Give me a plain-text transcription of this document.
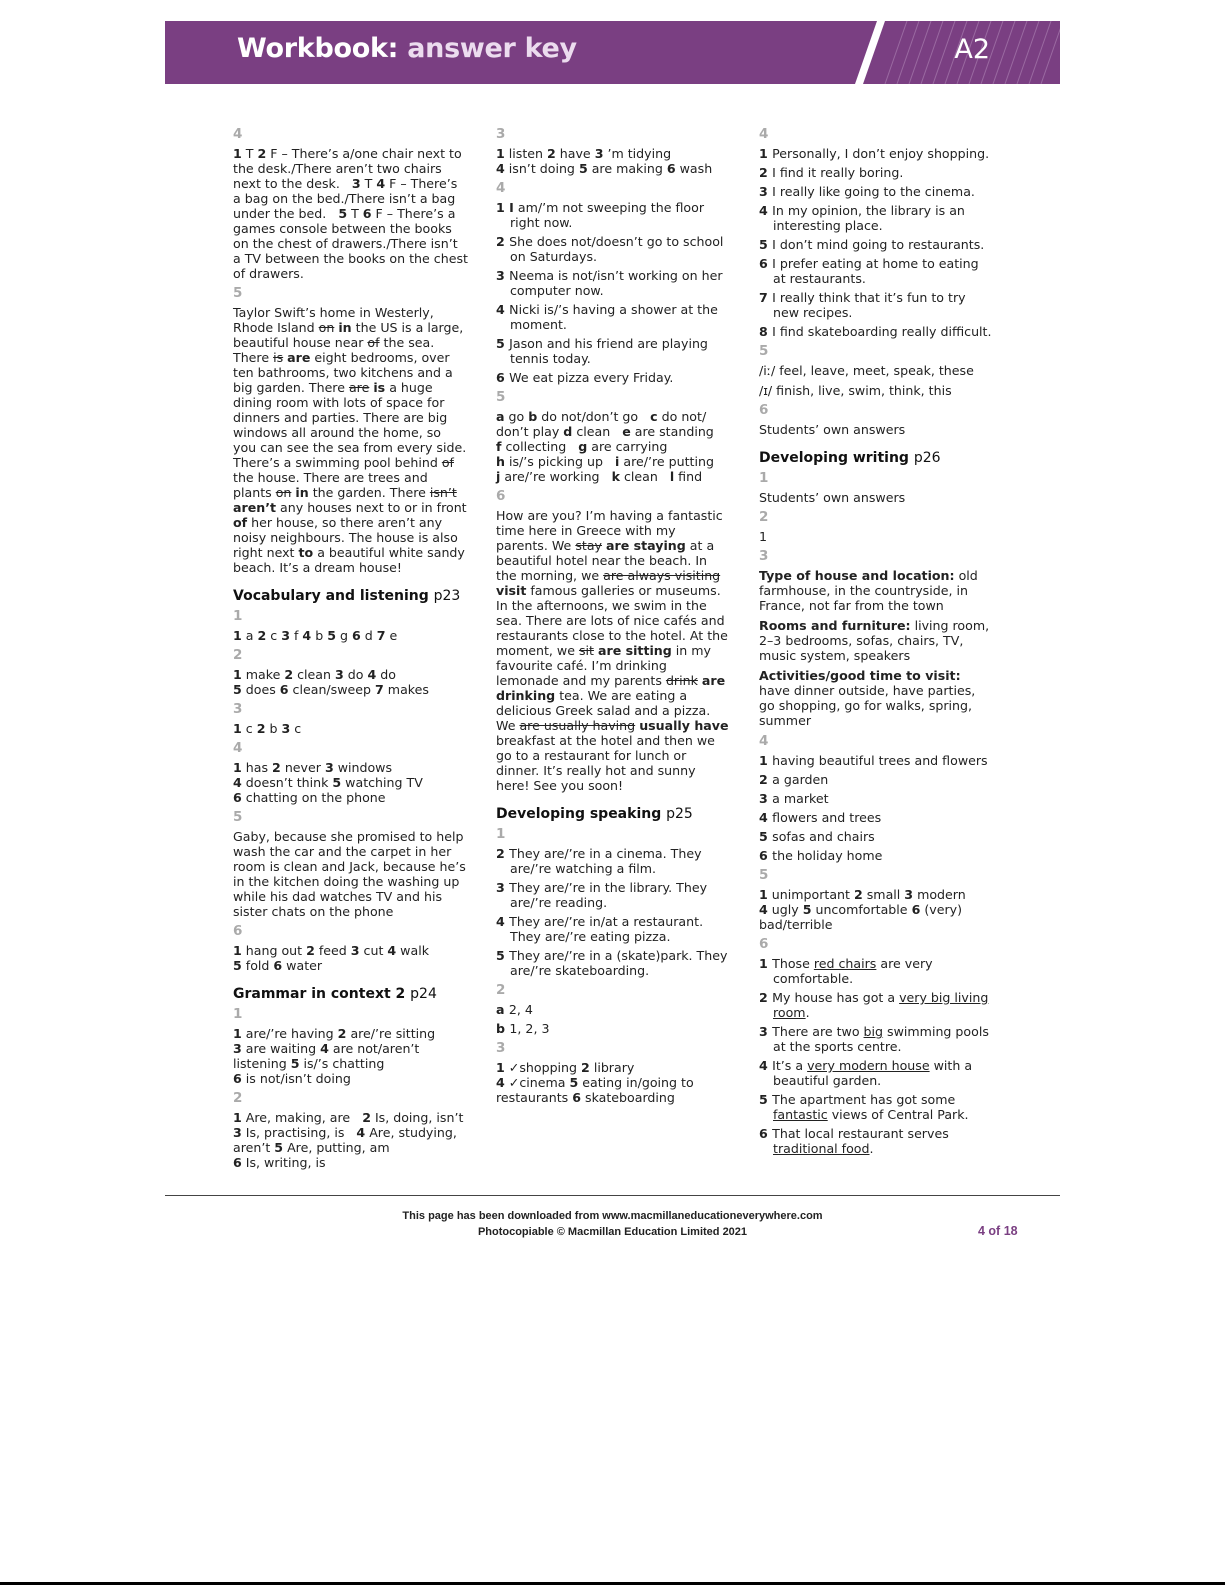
Workbook: answer key	A2
4
1 T 2 F – There’s a/one chair next to the desk./There aren’t two chairs next to the desk.   3 T 4 F – There’s a bag on the bed./There isn’t a bag under the bed.   5 T 6 F – There’s a games console between the books on the chest of drawers./There isn’t a TV between the books on the chest of drawers.
5
Taylor Swift’s home in Westerly, Rhode Island on in the US is a large, beautiful house near of the sea. There is are eight bedrooms, over ten bathrooms, two kitchens and a big garden. There are is a huge dining room with lots of space for dinners and parties. There are big windows all around the home, so you can see the sea from every side. There’s a swimming pool behind of the house. There are trees and plants on in the garden. There isn’t aren’t any houses next to or in front of her house, so there aren’t any noisy neighbours. The house is also right next to a beautiful white sandy beach. It’s a dream house!
Vocabulary and listening p23
1
1 a 2 c 3 f 4 b 5 g 6 d 7 e
2
1 make 2 clean 3 do 4 do
5 does 6 clean/sweep 7 makes
3
1 c 2 b 3 c
4
1 has 2 never 3 windows
4 doesn’t think 5 watching TV
6 chatting on the phone
5
Gaby, because she promised to help wash the car and the carpet in her room is clean and Jack, because he’s in the kitchen doing the washing up while his dad watches TV and his sister chats on the phone
6
1 hang out 2 feed 3 cut 4 walk
5 fold 6 water
Grammar in context 2 p24
1
1 are/’re having 2 are/’re sitting
3 are waiting 4 are not/aren’t listening 5 is/’s chatting
6 is not/isn’t doing
2
1 Are, making, are   2 Is, doing, isn’t
3 Is, practising, is   4 Are, studying, aren’t 5 Are, putting, am
6 Is, writing, is
3
1 listen 2 have 3 ’m tidying
4 isn’t doing 5 are making 6 wash
4
1 I am/’m not sweeping the floor right now.
2 She does not/doesn’t go to school on Saturdays.
3 Neema is not/isn’t working on her computer now.
4 Nicki is/’s having a shower at the moment.
5 Jason and his friend are playing tennis today.
6 We eat pizza every Friday.
5
a go b do not/don’t go   c do not/ don’t play d clean   e are standing
f collecting   g are carrying
h is/’s picking up   i are/’re putting
j are/’re working   k clean   l find
6
How are you? I’m having a fantastic time here in Greece with my parents. We stay are staying at a beautiful hotel near the beach. In the morning, we are always visiting visit famous galleries or museums. In the afternoons, we swim in the sea. There are lots of nice cafés and restaurants close to the hotel. At the moment, we sit are sitting in my favourite café. I’m drinking lemonade and my parents drink are drinking tea. We are eating a delicious Greek salad and a pizza. We are usually having usually have breakfast at the hotel and then we go to a restaurant for lunch or dinner. It’s really hot and sunny here! See you soon!
Developing speaking p25
1
2 They are/’re in a cinema. They are/’re watching a film.
3 They are/’re in the library. They are/’re reading.
4 They are/’re in/at a restaurant. They are/’re eating pizza.
5 They are/’re in a (skate)park. They are/’re skateboarding.
2
a 2, 4
b 1, 2, 3
3
1 ✓shopping 2 library
4 ✓cinema 5 eating in/going to restaurants 6 skateboarding
4
1 Personally, I don’t enjoy shopping.
2 I find it really boring.
3 I really like going to the cinema.
4 In my opinion, the library is an interesting place.
5 I don’t mind going to restaurants.
6 I prefer eating at home to eating at restaurants.
7 I really think that it’s fun to try new recipes.
8 I find skateboarding really difficult.
5
/iː/ feel, leave, meet, speak, these
/ɪ/ finish, live, swim, think, this
6
Students’ own answers
Developing writing p26
1
Students’ own answers
2
1
3
Type of house and location: old farmhouse, in the countryside, in France, not far from the town
Rooms and furniture: living room, 2–3 bedrooms, sofas, chairs, TV, music system, speakers
Activities/good time to visit: have dinner outside, have parties, go shopping, go for walks, spring, summer
4
1 having beautiful trees and flowers
2 a garden
3 a market
4 flowers and trees
5 sofas and chairs
6 the holiday home
5
1 unimportant 2 small 3 modern
4 ugly 5 uncomfortable 6 (very) bad/terrible
6
1 Those red chairs are very comfortable.
2 My house has got a very big living room.
3 There are two big swimming pools at the sports centre.
4 It’s a very modern house with a beautiful garden.
5 The apartment has got some fantastic views of Central Park.
6 That local restaurant serves traditional food.
This page has been downloaded from www.macmillaneducationeverywhere.com
Photocopiable © Macmillan Education Limited 2021	4 of 18
